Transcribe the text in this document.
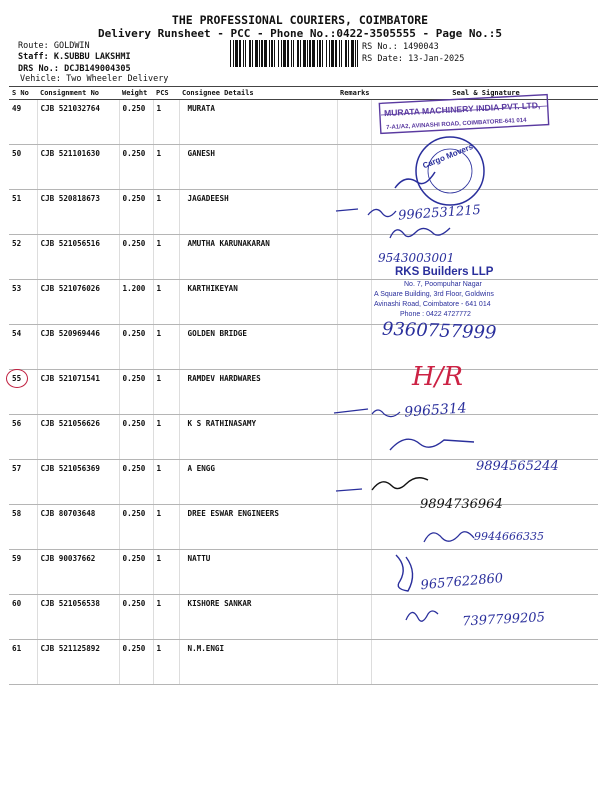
THE PROFESSIONAL COURIERS, COIMBATORE
Delivery Runsheet - PCC - Phone No.:0422-3505555 - Page No.:5
Route: GOLDWIN
Staff: K.SUBBU LAKSHMI
DRS No.: DCJB149004305
Vehicle: Two Wheeler Delivery
RS No.: 1490043
RS Date: 13-Jan-2025
S No	Consignment No	Weight	PCS	Consignee Details	Remarks	Seal & Signature
49	CJB 521032764	0.250	1	MURATA		
50	CJB 521101630	0.250	1	GANESH		
51	CJB 520818673	0.250	1	JAGADEESH		
52	CJB 521056516	0.250	1	AMUTHA KARUNAKARAN		
53	CJB 521076026	1.200	1	KARTHIKEYAN		
54	CJB 520969446	0.250	1	GOLDEN BRIDGE		
55	CJB 521071541	0.250	1	RAMDEV HARDWARES		
56	CJB 521056626	0.250	1	K S RATHINASAMY		
57	CJB 521056369	0.250	1	A ENGG		
58	CJB 80703648	0.250	1	DREE ESWAR ENGINEERS		
59	CJB 90037662	0.250	1	NATTU		
60	CJB 521056538	0.250	1	KISHORE SANKAR		
61	CJB 521125892	0.250	1	N.M.ENGI		
MURATA MACHINERY INDIA PVT. LTD,
7-A1/A2, AVINASHI ROAD, COIMBATORE-641 014
Cargo Movers
RKS Builders LLP
No. 7, Poompuhar Nagar
A Square Building, 3rd Floor, Goldwins
Avinashi Road, Coimbatore - 641 014
Phone : 0422 4727772
9962531215
9543003001
9360757999
H/R
9965314
9894565244
9894736964
9944666335
9657622860
7397799205
